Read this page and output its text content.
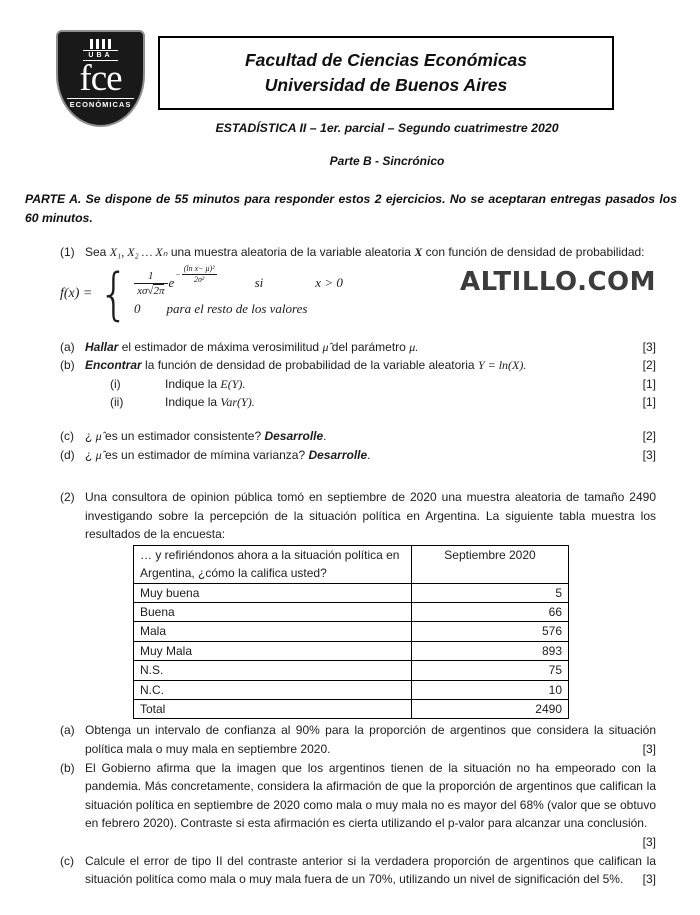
UBA
fce
ECONÓMICAS
Facultad de Ciencias Económicas
Universidad de Buenos Aires
ESTADÍSTICA II – 1er. parcial – Segundo cuatrimestre 2020
Parte B - Sincrónico
PARTE A. Se dispone de 55 minutos para responder estos 2 ejercicios. No se aceptaran entregas pasados los 60 minutos.
(1) Sea X₁, X₂ … Xₙ una muestra aleatoria de la variable aleatoria X con función de densidad de probabilidad:
f(x) = { $\frac{1}{x\sigma√2\pi}$ e
− $\frac{\text{(ln x− μ)²}}{\text{2σ²}}$	si	x > 0
0 para el resto de los valores
ALTILLO.COM
(a)	[3]
Hallar el estimador de máxima verosimilitud μ̂ del parámetro μ.
(b)	[2]
Encontrar la función de densidad de probabilidad de la variable aleatoria Y = ln(X).
(i)	[1]
Indique la E(Y).
(ii)	[1]
Indique la Var(Y).
(c)	[2]
¿ μ̂ es un estimador consistente? Desarrolle.
(d)	[3]
¿ μ̂ es un estimador de mímina varianza? Desarrolle.
(2) Una consultora de opinion pública tomó en septiembre de 2020 una muestra aleatoria de tamaño 2490 investigando sobre la percepción de la situación política en Argentina. La siguiente tabla muestra los resultados de la encuesta:
… y refiriéndonos ahora a la situación política en Argentina, ¿cómo la califica usted?	Septiembre 2020
Muy buena	5
Buena	66
Mala	576
Muy Mala	893
N.S.	75
N.C.	10
Total	2490
(a) Obtenga un intervalo de confianza al 90% para la proporción de argentinos que considera la situación política mala o muy mala en septiembre 2020.	[3]
(b) El Gobierno afirma que la imagen que los argentinos tienen de la situación no ha empeorado con la pandemia. Más concretamente, considera la afirmación de que la proporción de argentinos que califican la situación política en septiembre de 2020 como mala o muy mala no es mayor del 68% (valor que se obtuvo en febrero 2020). Contraste si esta afirmación es cierta utilizando el p-valor para alcanzar una conclusión.
[3]
(c) Calcule el error de tipo II del contraste anterior si la verdadera proporción de argentinos que califican la situación politíca como mala o muy mala fuera de un 70%, utilizando un nivel de significación del 5%. [3]
